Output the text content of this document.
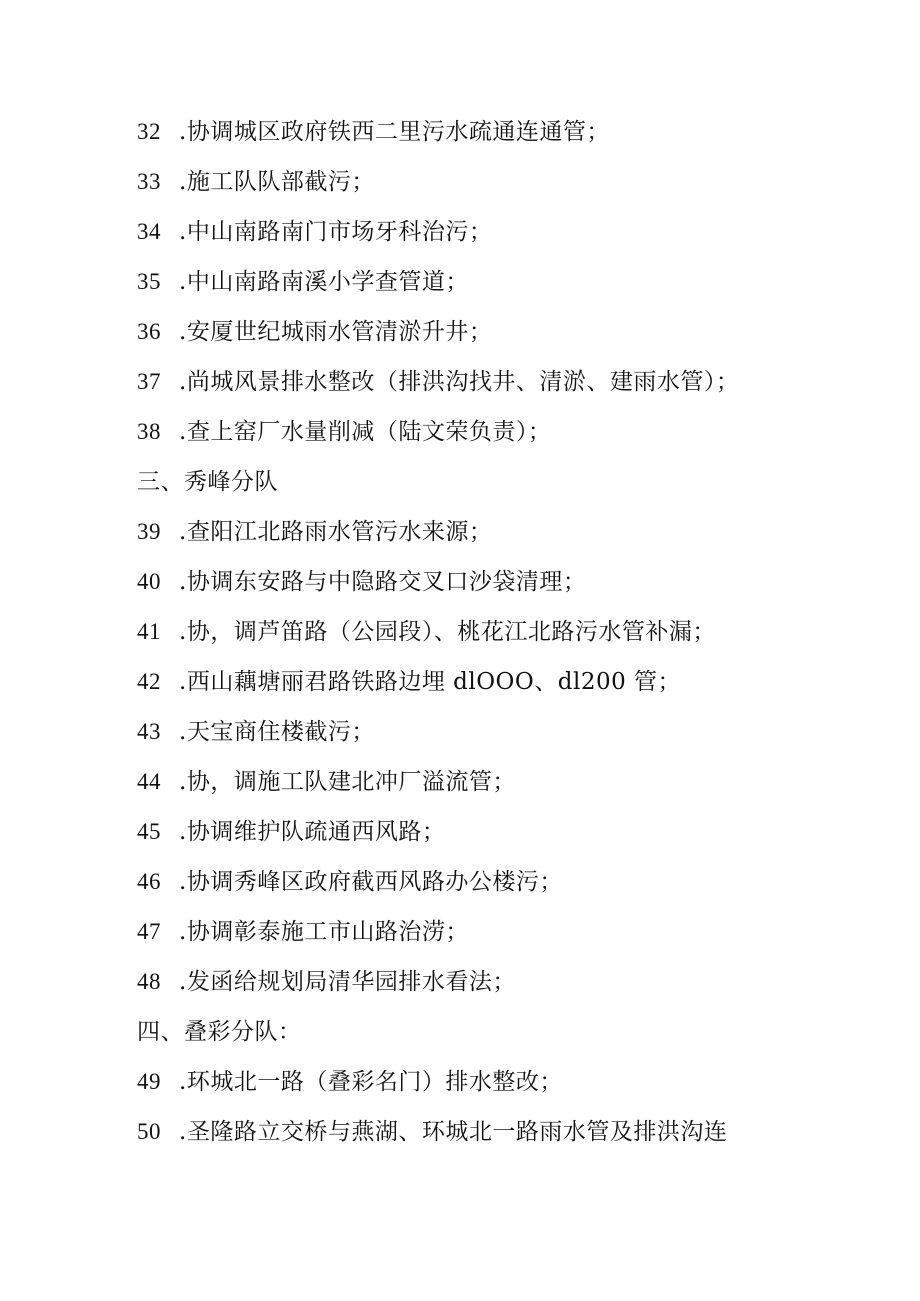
32.协调城区政府铁西二里污水疏通连通管；
33.施工队队部截污；
34.中山南路南门市场牙科治污；
35.中山南路南溪小学查管道；
36.安厦世纪城雨水管清淤升井；
37.尚城风景排水整改（排洪沟找井、清淤、建雨水管）；
38.查上窑厂水量削减（陆文荣负责）；
三、秀峰分队
39.查阳江北路雨水管污水来源；
40.协调东安路与中隐路交叉口沙袋清理；
41.协，调芦笛路（公园段）、桃花江北路污水管补漏；
42.西山藕塘丽君路铁路边埋 dlOOO、dl200 管；
43.天宝商住楼截污；
44.协，调施工队建北冲厂溢流管；
45.协调维护队疏通西风路；
46.协调秀峰区政府截西风路办公楼污；
47.协调彰泰施工市山路治涝；
48.发函给规划局清华园排水看法；
四、叠彩分队：
49.环城北一路（叠彩名门）排水整改；
50.圣隆路立交桥与燕湖、环城北一路雨水管及排洪沟连
